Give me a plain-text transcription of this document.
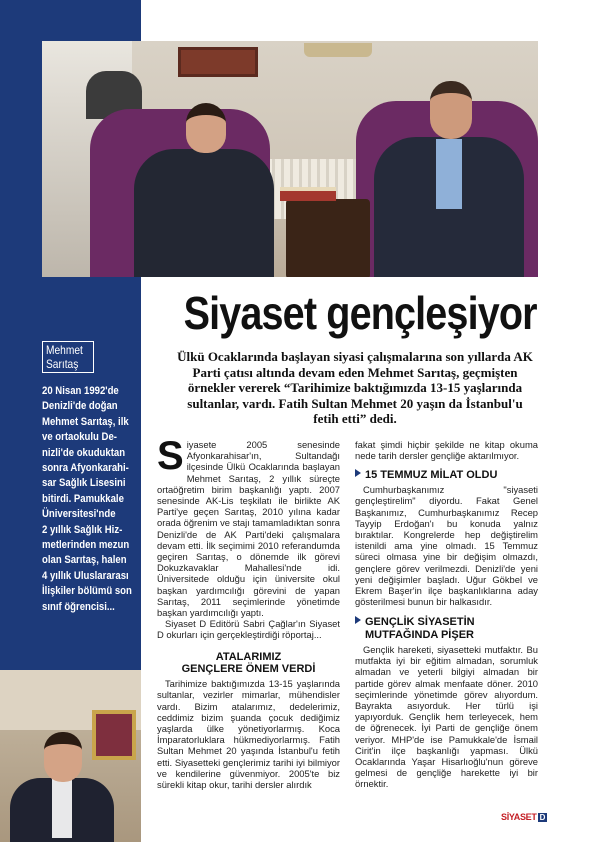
Siyaset gençleşiyor

Ülkü Ocaklarında başlayan siyasi çalışmalarına son yıllarda AK Parti çatısı altında devam eden Mehmet Sarıtaş, geçmişten örnekler vererek “Tarihimize baktığımızda 13-15 yaşlarında sultanlar, vardı. Fatih Sultan Mehmet 20 yaşın da İstanbul'u fetih etti” dedi.

Mehmet
Sarıtaş
20 Nisan 1992'de
Denizli'de doğan
Mehmet Sarıtaş, ilk
ve ortaokulu De-
nizli'de okuduktan
sonra Afyonkarahi-
sar Sağlık Lisesini
bitirdi. Pamukkale
Üniversitesi'nde
2 yıllık Sağlık Hiz-
metlerinden mezun
olan Sarıtaş, halen
4 yıllık Uluslararası
İlişkiler bölümü son
sınıf öğrencisi...

Siyasete 2005 senesinde Afyonkarahisar'ın, Sultandağı ilçesinde Ülkü Ocaklarında başlayan Mehmet Sarıtaş, 2 yıllık süreçte ortaöğretim birim başkanlığı yaptı. 2007 senesinde AK-Lis teşkilatı ile birlikte AK Parti'ye geçen Sarıtaş, 2010 yılına kadar orada öğrenim ve stajı tamamladıktan sonra Denizli'de de AK Parti'deki çalışmalara devam etti. İlk seçimimi 2010 referandumda geçiren Sarıtaş, o dönemde ilk görevi Dokuzkavaklar Mahallesi'nde idi. Üniversitede olduğu için üniversite okul başkan yardımcılığı görevini de yapan Sarıtaş, 2011 seçimlerinde yönetimde başkan yardımcılığı yaptı.

Siyaset D Editörü Sabri Çağlar'ın Siyaset D okurları için gerçekleştirdiği röportaj...

ATALARIMIZ
GENÇLERE ÖNEM VERDİ

Tarihimize baktığımızda 13-15 yaşlarında sultanlar, vezirler mimarlar, mühendisler vardı. Bizim atalarımız, dedelerimiz, ceddimiz bizim şuanda çocuk dediğimiz yaşlarda ülke yönetiyorlarmış. Koca İmparatorluklara hükmediyorlarmış. Fatih Sultan Mehmet 20 yaşında İstanbul'u fetih etti. Siyasetteki gençlerimiz tarihi iyi bilmiyor ve kendilerine güvenmiyor. 2005'te biz sürekli kitap okur, tarihi dersler alırdık

fakat şimdi hiçbir şekilde ne kitap okuma nede tarih dersler gençliğe aktarılmıyor.

15 TEMMUZ MİLAT OLDU

Cumhurbaşkanımız "siyaseti gençleştirelim" diyordu. Fakat Genel Başkanımız, Cumhurbaşkanımız Recep Tayyip Erdoğan'ı bu konuda yalnız bıraktılar. Kongrelerde hep değiştirelim istenildi ama yine olmadı. 15 Temmuz süreci olmasa yine bir değişim olmazdı, gençlere görev verilmezdi. Denizli'de yeni yeni değişimler başladı. Uğur Gökbel ve Ekrem Başer'in ilçe başkanlıklarına aday gösterilmesi bunun bir halkasıdır.

GENÇLİK SİYASETİN
MUTFAĞINDA PİŞER

Gençlik hareketi, siyasetteki mutfaktır. Bu mutfakta iyi bir eğitim almadan, sorumluk almadan ve yeterli bilgiyi almadan bir partide görev almak menfaate döner. 2010 seçimlerinde yönetimde görev alıyordum. Bayrakta asıyorduk. Her türlü işi yapıyorduk. Gençlik hem terleyecek, hem de öğrenecek. İyi Parti de gençliğe önem veriyor. MHP'de ise Pamukkale'de İsmail Cirit'in ilçe başkanlığı yapması. Ülkü Ocaklarında Yaşar Hisarlıoğlu'nun göreve gelmesi de gençliğe harekette iyi bir örnektir.

SİYASET D
